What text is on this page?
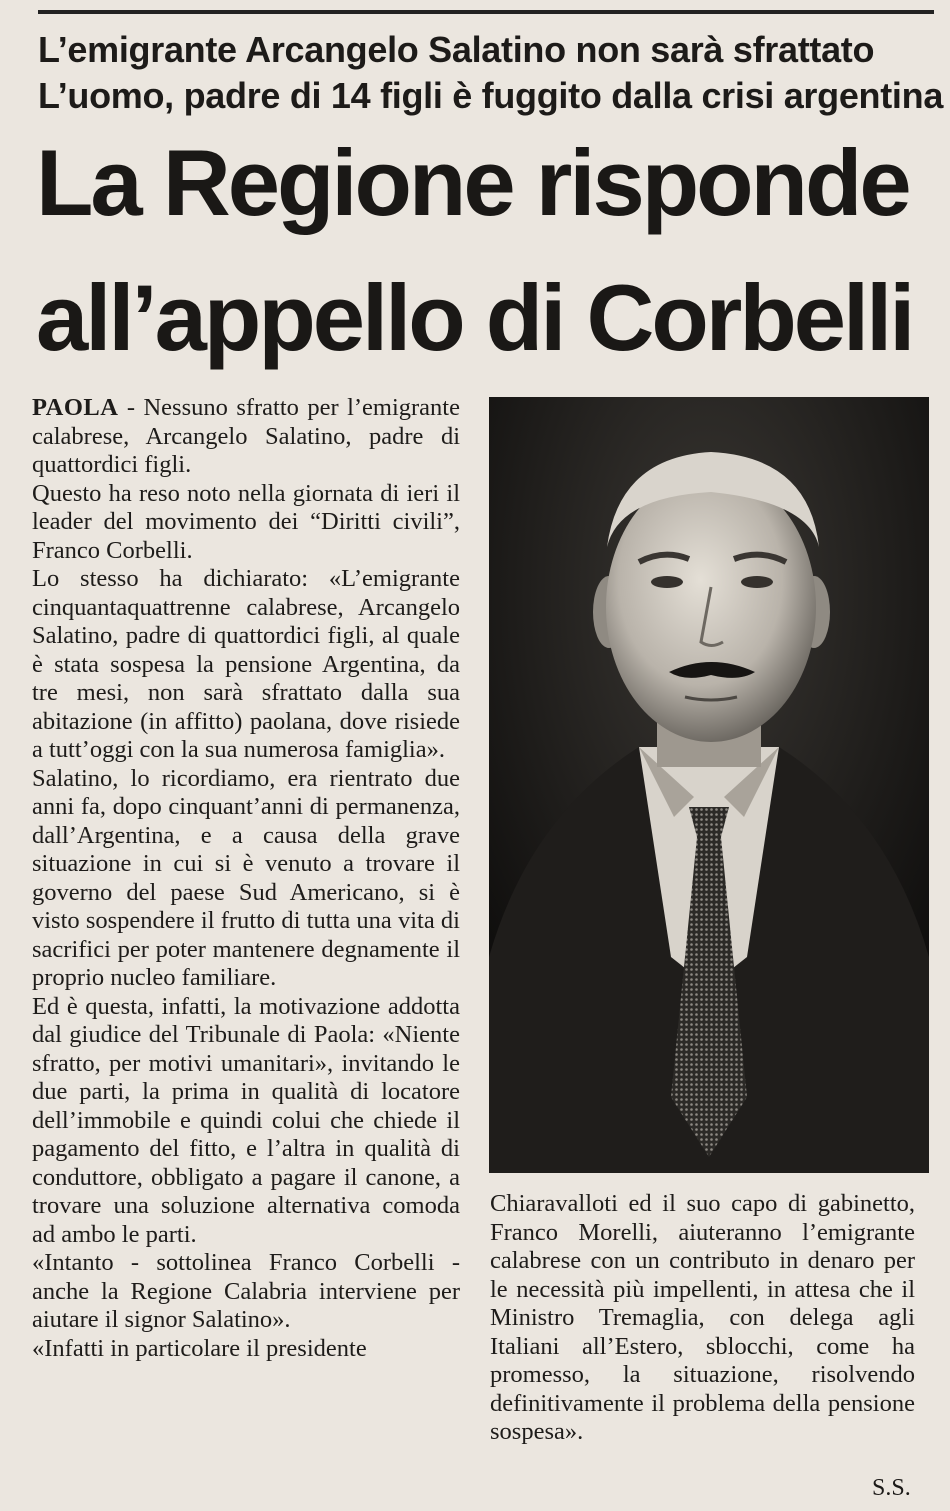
L’emigrante Arcangelo Salatino non sarà sfrattato
L’uomo, padre di 14 figli è fuggito dalla crisi argentina
La Regione risponde
all’appello di Corbelli

PAOLA - Nessuno sfratto per l’emigrante calabrese, Arcangelo Salatino, padre di quattordici figli.

Questo ha reso noto nella giornata di ieri il leader del movimento dei “Diritti civili”, Franco Corbelli.

Lo stesso ha dichiarato: «L’emigrante cinquantaquattrenne calabrese, Arcangelo Salatino, padre di quattordici figli, al quale è stata sospesa la pensione Argentina, da tre mesi, non sarà sfrattato dalla sua abitazione (in affitto) paolana, dove risiede a tutt’oggi con la sua numerosa famiglia».

Salatino, lo ricordiamo, era rientrato due anni fa, dopo cinquant’anni di permanenza, dall’Argentina, e a causa della grave situazione in cui si è venuto a trovare il governo del paese Sud Americano, si è visto sospendere il frutto di tutta una vita di sacrifici per poter mantenere degnamente il proprio nucleo familiare.

Ed è questa, infatti, la motivazione addotta dal giudice del Tribunale di Paola: «Niente sfratto, per motivi umanitari», invitando le due parti, la prima in qualità di locatore dell’immobile e quindi colui che chiede il pagamento del fitto, e l’altra in qualità di conduttore, obbligato a pagare il canone, a trovare una soluzione alternativa comoda ad ambo le parti.

«Intanto - sottolinea Franco Corbelli - anche la Regione Calabria interviene per aiutare il signor Salatino».

«Infatti in particolare il presidente

Chiaravalloti ed il suo capo di gabinetto, Franco Morelli, aiuteranno l’emigrante calabrese con un contributo in denaro per le necessità più impellenti, in attesa che il Ministro Tremaglia, con delega agli Italiani all’Estero, sblocchi, come ha promesso, la situazione, risolvendo definitivamente il problema della pensione sospesa».

S.S.
